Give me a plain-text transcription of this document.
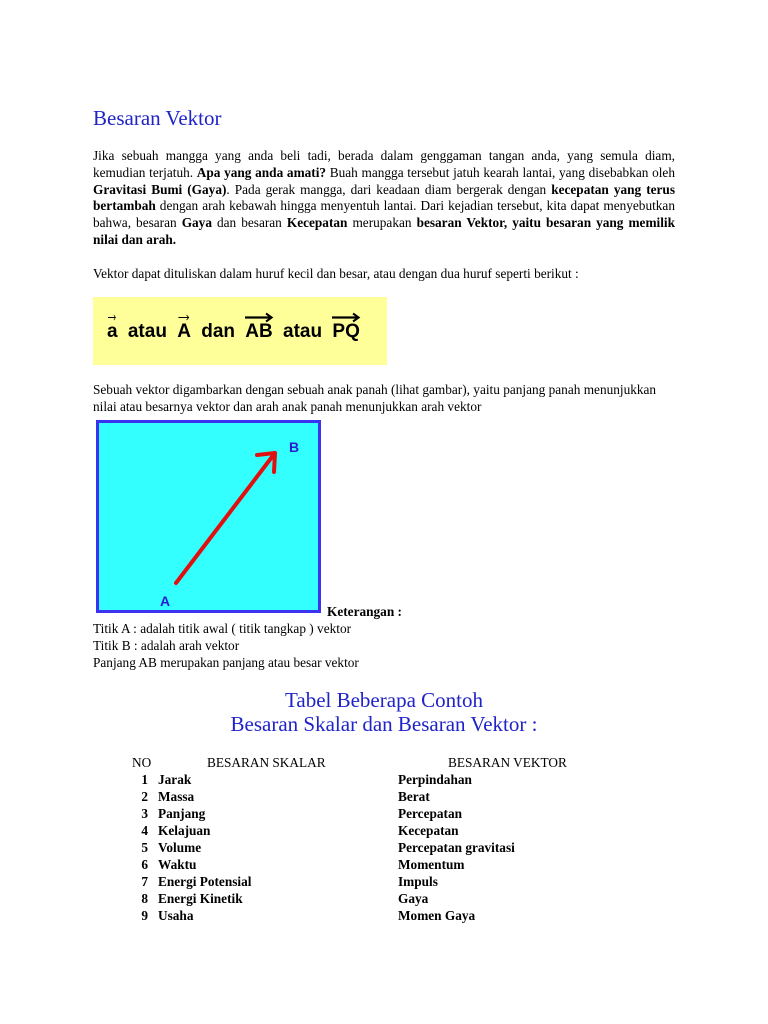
Besaran Vektor

Jika sebuah mangga yang anda beli tadi, berada dalam genggaman tangan anda, yang semula diam, kemudian terjatuh. Apa yang anda amati? Buah mangga tersebut jatuh kearah lantai, yang disebabkan oleh Gravitasi Bumi (Gaya). Pada gerak mangga, dari keadaan diam bergerak dengan kecepatan yang terus bertambah dengan arah kebawah hingga menyentuh lantai. Dari kejadian tersebut, kita dapat menyebutkan bahwa, besaran Gaya dan besaran Kecepatan merupakan besaran Vektor, yaitu besaran yang memilik nilai dan arah.

Vektor dapat dituliskan dalam huruf kecil dan besar, atau dengan dua huruf seperti berikut :

a atau A dan AB atau PQ

Sebuah vektor digambarkan dengan sebuah anak panah (lihat gambar), yaitu panjang panah menunjukkan nilai atau besarnya vektor dan arah anak panah menunjukkan arah vektor

B
A
Keterangan :
Titik A : adalah titik awal ( titik tangkap ) vektor
Titik B : adalah arah vektor
Panjang AB merupakan panjang atau besar vektor
Tabel Beberapa Contoh
Besaran Skalar dan Besaran Vektor :
NO	BESARAN SKALAR	BESARAN VEKTOR
1 Jarak	Perpindahan
2 Massa	Berat
3 Panjang	Percepatan
4 Kelajuan	Kecepatan
5 Volume	Percepatan gravitasi
6 Waktu	Momentum
7 Energi Potensial	Impuls
8 Energi Kinetik	Gaya
9 Usaha	Momen Gaya
